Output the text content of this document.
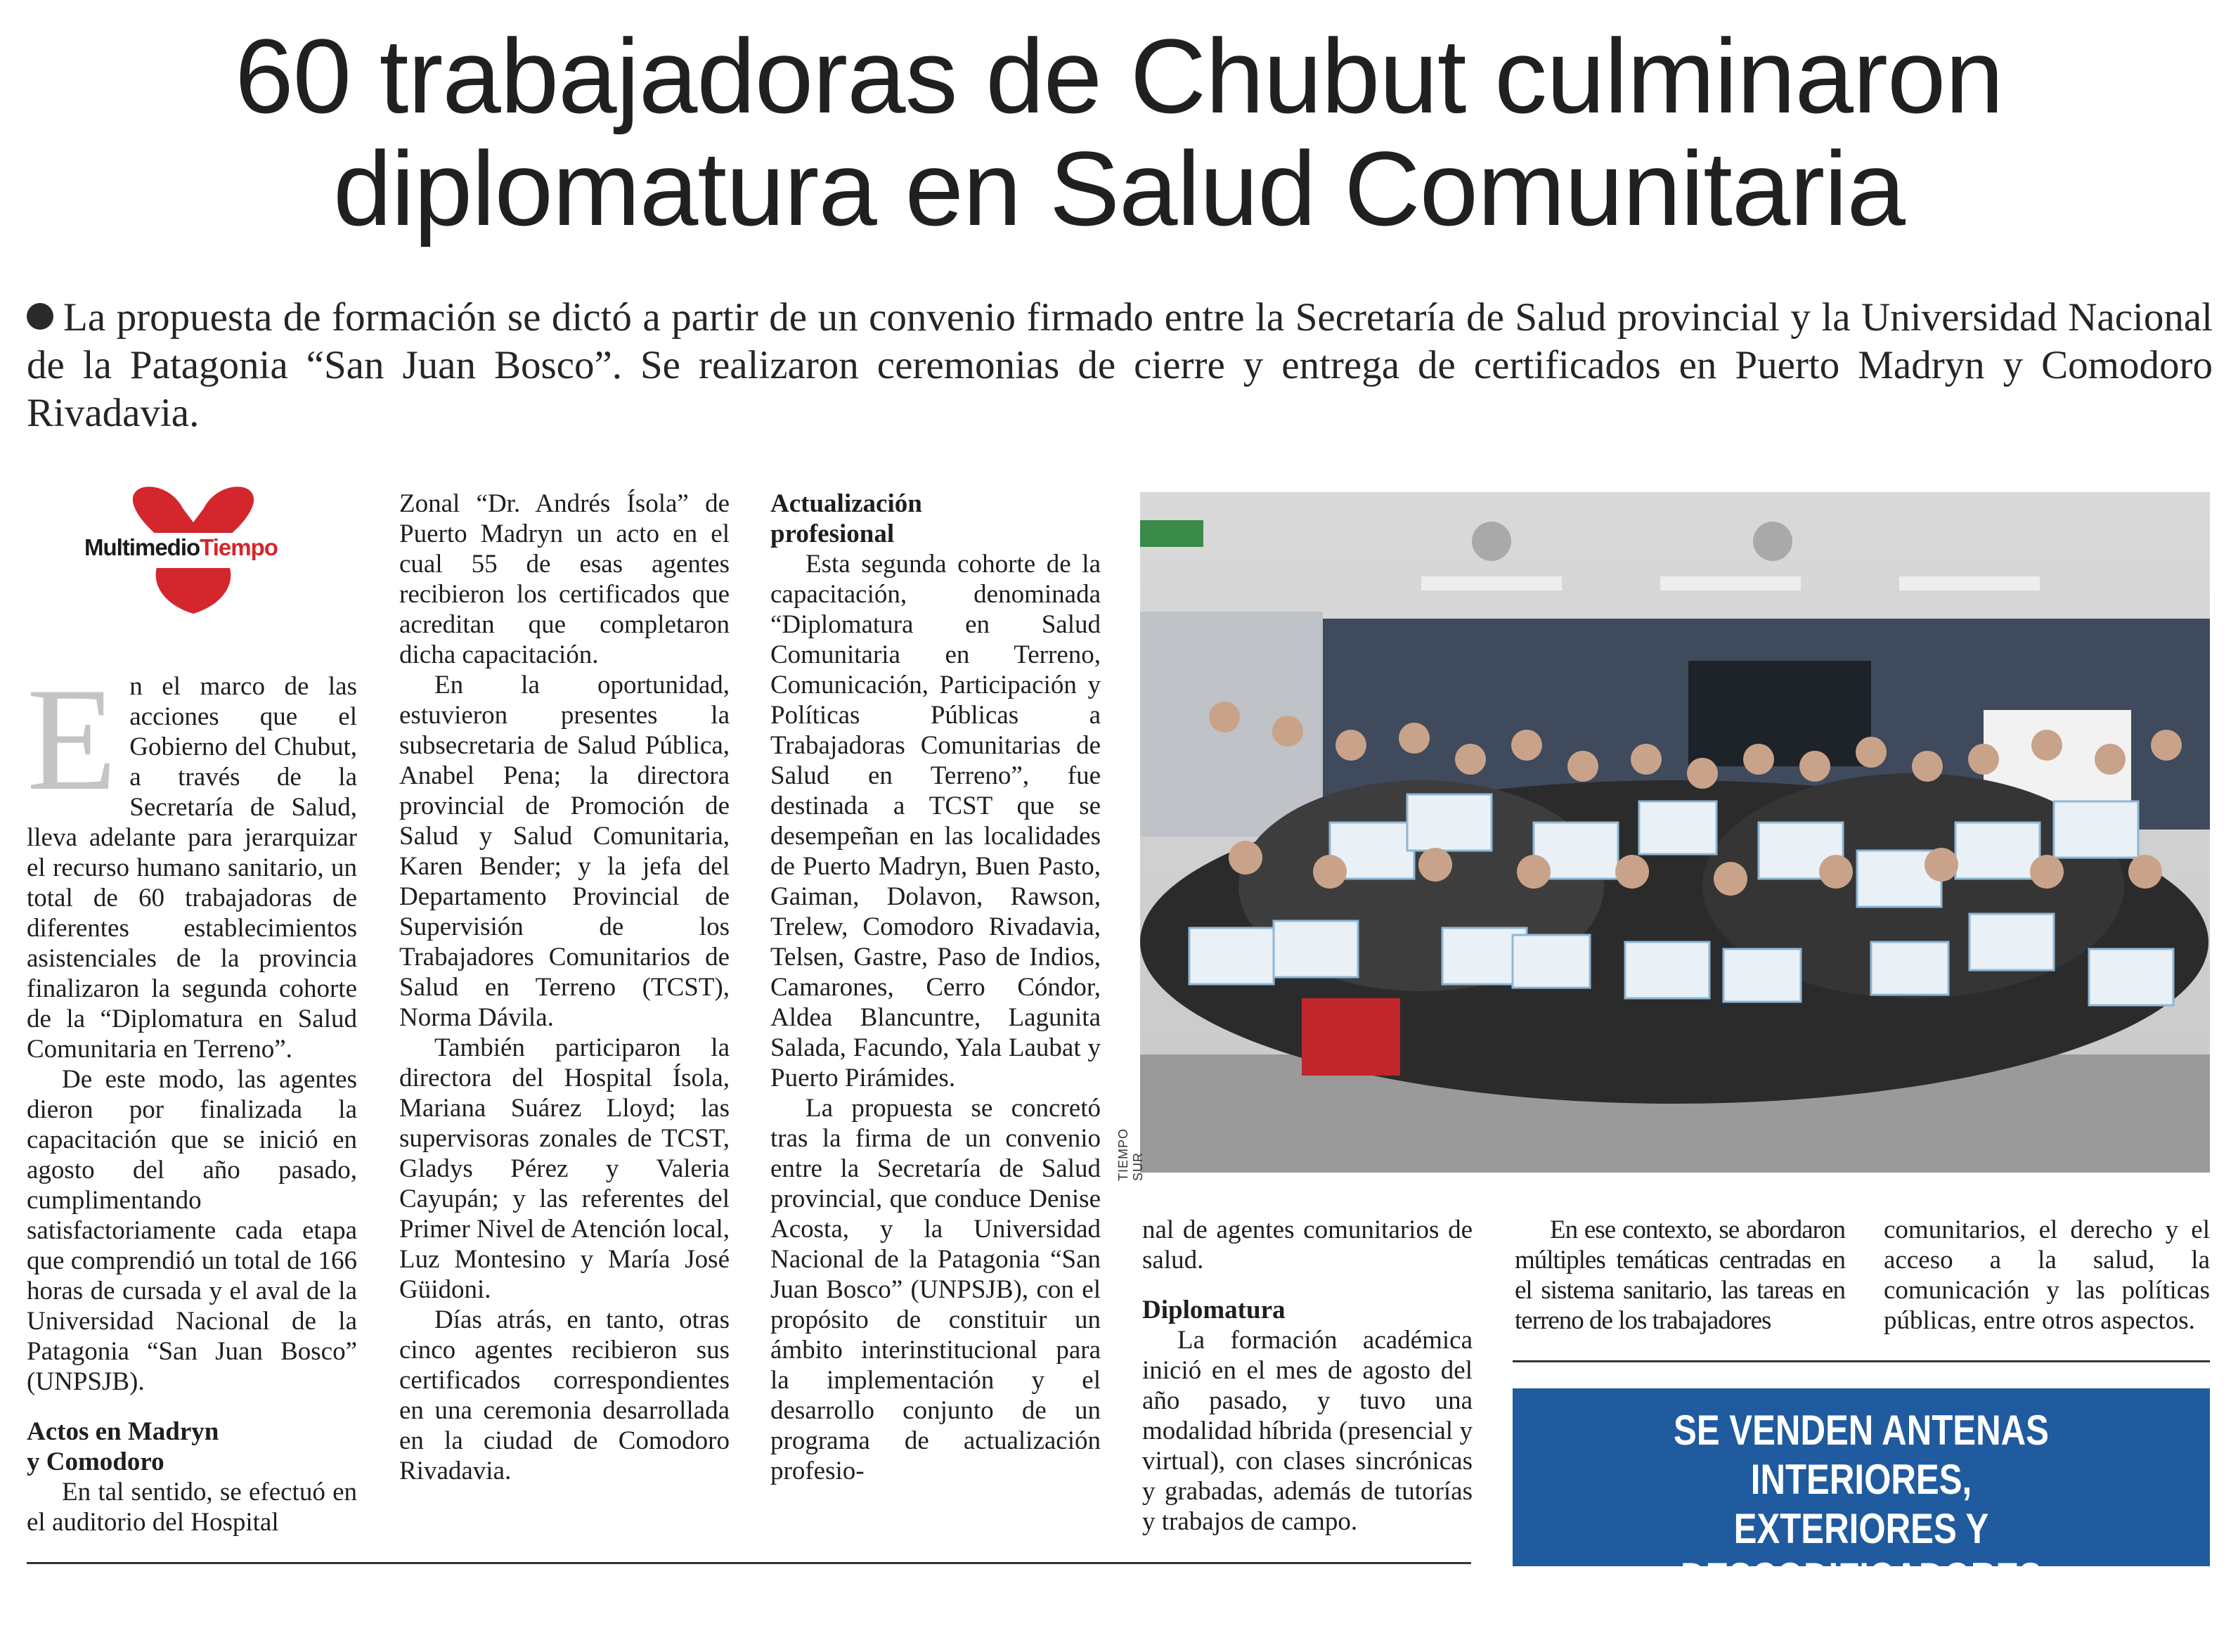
60 trabajadoras de Chubut culminaron
diplomatura en Salud Comunitaria

La propuesta de formación se dictó a partir de un convenio firmado entre la Secretaría de Salud provincial y la Universidad Nacional de la Patagonia “San Juan Bosco”. Se realizaron ceremonias de cierre y entrega de certificados en Puerto Madryn y Comodoro Rivadavia.

MultimedioTiempo

En el marco de las acciones que el Gobierno del Chubut, a través de la Secretaría de Salud, lleva adelante para jerarquizar el recurso humano sanitario, un total de 60 trabajadoras de diferentes establecimientos asistenciales de la provincia finalizaron la segunda cohorte de la “Diplomatura en Salud Comunitaria en Terreno”.

De este modo, las agentes dieron por finalizada la capacitación que se inició en agosto del año pasado, cumplimentando satisfactoriamente cada etapa que comprendió un total de 166 horas de cursada y el aval de la Universidad Nacional de la Patagonia “San Juan Bosco” (UNPSJB).

Actos en Madryn
y Comodoro

En tal sentido, se efectuó en el auditorio del Hospital

Zonal “Dr. Andrés Ísola” de Puerto Madryn un acto en el cual 55 de esas agentes recibieron los certificados que acreditan que completaron dicha capacitación.

En la oportunidad, estuvieron presentes la subsecretaria de Salud Pública, Anabel Pena; la directora provincial de Promoción de Salud y Salud Comunitaria, Karen Bender; y la jefa del Departamento Provincial de Supervisión de los Trabajadores Comunitarios de Salud en Terreno (TCST), Norma Dávila.

También participaron la directora del Hospital Ísola, Mariana Suárez Lloyd; las supervisoras zonales de TCST, Gladys Pérez y Valeria Cayupán; y las referentes del Primer Nivel de Atención local, Luz Montesino y María José Güidoni.

Días atrás, en tanto, otras cinco agentes recibieron sus certificados correspondientes en una ceremonia desarrollada en la ciudad de Comodoro Rivadavia.

Actualización
profesional

Esta segunda cohorte de la capacitación, denominada “Diplomatura en Salud Comunitaria en Terreno, Comunicación, Participación y Políticas Públicas a Trabajadoras Comunitarias de Salud en Terreno”, fue destinada a TCST que se desempeñan en las localidades de Puerto Madryn, Buen Pasto, Gaiman, Dolavon, Rawson, Trelew, Comodoro Rivadavia, Telsen, Gastre, Paso de Indios, Camarones, Cerro Cóndor, Aldea Blancuntre, Lagunita Salada, Facundo, Yala Laubat y Puerto Pirámides.

La propuesta se concretó tras la firma de un convenio entre la Secretaría de Salud provincial, que conduce Denise Acosta, y la Universidad Nacional de la Patagonia “San Juan Bosco” (UNPSJB), con el propósito de constituir un ámbito interinstitucional para la implementación y el desarrollo conjunto de un programa de actualización profesio-

TIEMPO SUR

nal de agentes comunitarios de salud.

Diplomatura

La formación académica inició en el mes de agosto del año pasado, y tuvo una modalidad híbrida (presencial y virtual), con clases sincrónicas y grabadas, además de tutorías y trabajos de campo.

En ese contexto, se abordaron múltiples temáticas centradas en el sistema sanitario, las tareas en terreno de los trabajadores

comunitarios, el derecho y el acceso a la salud, la comunicación y las políticas públicas, entre otros aspectos.

SE VENDEN ANTENAS INTERIORES,
EXTERIORES Y DESCODIFICADORES
PARA VER TV DIGITAL
